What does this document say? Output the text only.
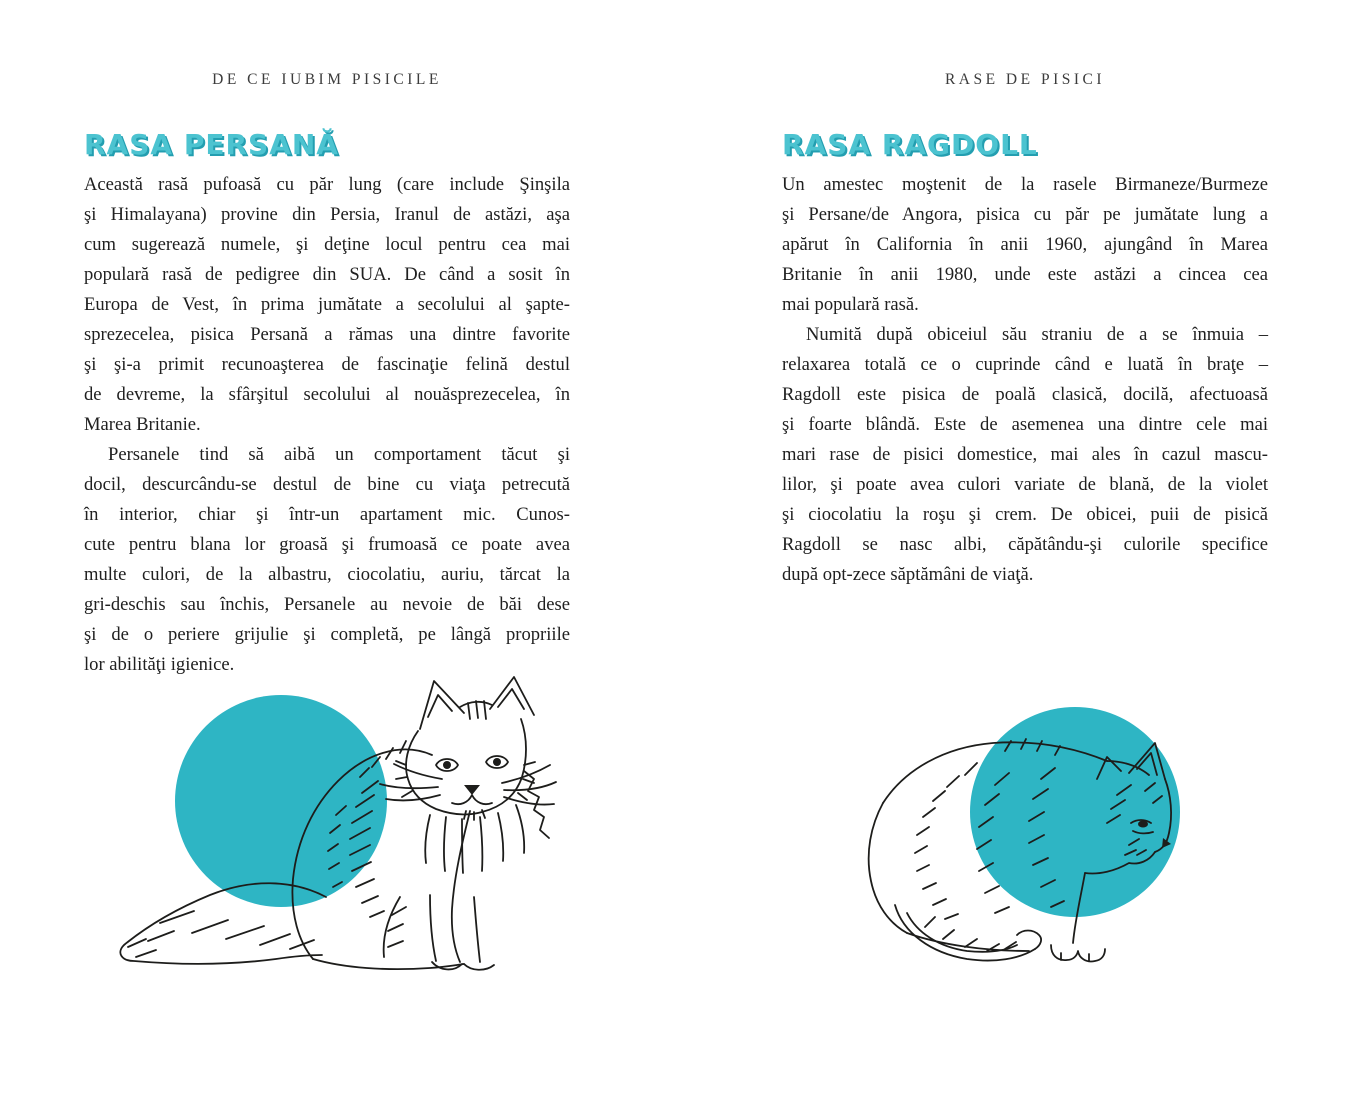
DE CE IUBIM PISICILE
RASA PERSANĂ
Această rasă pufoasă cu păr lung (care include Şinşila
şi Himalayana) provine din Persia, Iranul de astăzi, aşa
cum sugerează numele, şi deţine locul pentru cea mai
populară rasă de pedigree din SUA. De când a sosit în
Europa de Vest, în prima jumătate a secolului al şapte-
sprezecelea, pisica Persană a rămas una dintre favorite
şi şi-a primit recunoaşterea de fascinaţie felină destul
de devreme, la sfârşitul secolului al nouăsprezecelea, în
Marea Britanie.
Persanele tind să aibă un comportament tăcut şi
docil, descurcându-se destul de bine cu viaţa petrecută
în interior, chiar şi într-un apartament mic. Cunos-
cute pentru blana lor groasă şi frumoasă ce poate avea
multe culori, de la albastru, ciocolatiu, auriu, tărcat la
gri-deschis sau închis, Persanele au nevoie de băi dese
şi de o periere grijulie şi completă, pe lângă propriile
lor abilităţi igienice.
RASE DE PISICI
RASA RAGDOLL
Un amestec moştenit de la rasele Birmaneze/Burmeze
şi Persane/de Angora, pisica cu păr pe jumătate lung a
apărut în California în anii 1960, ajungând în Marea
Britanie în anii 1980, unde este astăzi a cincea cea
mai populară rasă.
Numită după obiceiul său straniu de a se înmuia –
relaxarea totală ce o cuprinde când e luată în braţe –
Ragdoll este pisica de poală clasică, docilă, afectuoasă
şi foarte blândă. Este de asemenea una dintre cele mai
mari rase de pisici domestice, mai ales în cazul mascu-
lilor, şi poate avea culori variate de blană, de la violet
şi ciocolatiu la roşu şi crem. De obicei, puii de pisică
Ragdoll se nasc albi, căpătându-şi culorile specifice
după opt-zece săptămâni de viaţă.
